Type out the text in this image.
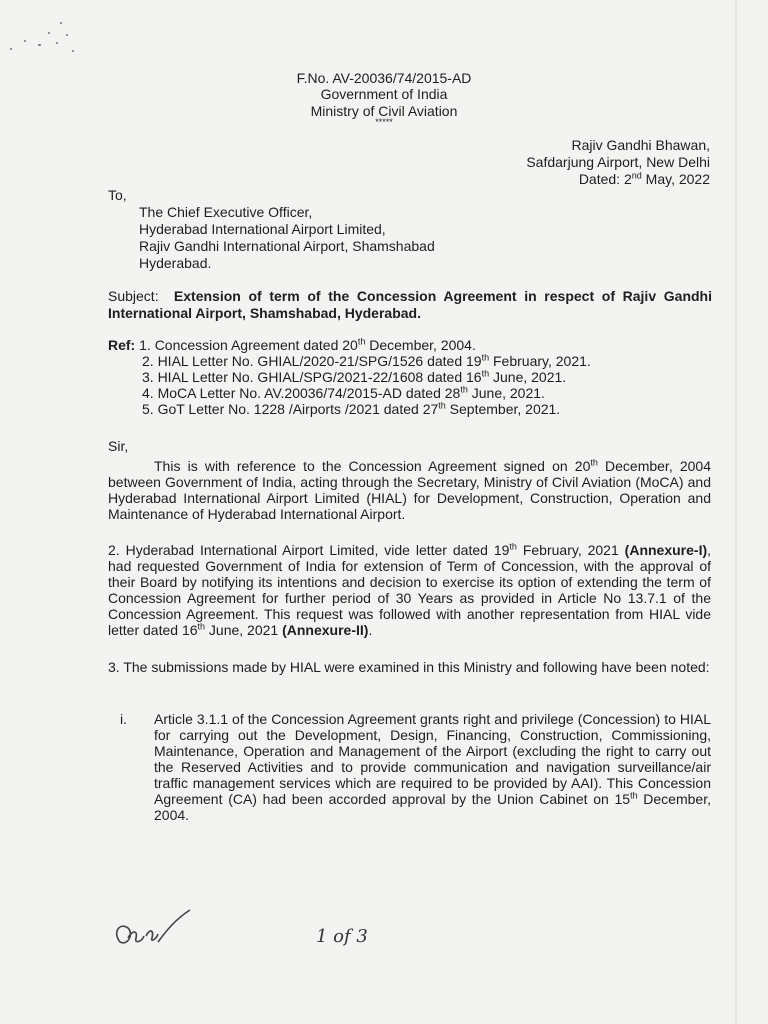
F.No. AV-20036/74/2015-AD
Government of India
Ministry of Civil Aviation
*****
Rajiv Gandhi Bhawan,
Safdarjung Airport, New Delhi
Dated: 2nd May, 2022
To,
The Chief Executive Officer,
Hyderabad International Airport Limited,
Rajiv Gandhi International Airport, Shamshabad
Hyderabad.
Subject: Extension of term of the Concession Agreement in respect of Rajiv Gandhi International Airport, Shamshabad, Hyderabad.
Ref: 1. Concession Agreement dated 20th December, 2004.
2. HIAL Letter No. GHIAL/2020-21/SPG/1526 dated 19th February, 2021.
3. HIAL Letter No. GHIAL/SPG/2021-22/1608 dated 16th June, 2021.
4. MoCA Letter No. AV.20036/74/2015-AD dated 28th June, 2021.
5. GoT Letter No. 1228 /Airports /2021 dated 27th September, 2021.
Sir,
This is with reference to the Concession Agreement signed on 20th December, 2004 between Government of India, acting through the Secretary, Ministry of Civil Aviation (MoCA) and Hyderabad International Airport Limited (HIAL) for Development, Construction, Operation and Maintenance of Hyderabad International Airport.
2. Hyderabad International Airport Limited, vide letter dated 19th February, 2021 (Annexure-I), had requested Government of India for extension of Term of Concession, with the approval of their Board by notifying its intentions and decision to exercise its option of extending the term of Concession Agreement for further period of 30 Years as provided in Article No 13.7.1 of the Concession Agreement. This request was followed with another representation from HIAL vide letter dated 16th June, 2021 (Annexure-II).
3. The submissions made by HIAL were examined in this Ministry and following have been noted:
i. Article 3.1.1 of the Concession Agreement grants right and privilege (Concession) to HIAL for carrying out the Development, Design, Financing, Construction, Commissioning, Maintenance, Operation and Management of the Airport (excluding the right to carry out the Reserved Activities and to provide communication and navigation surveillance/air traffic management services which are required to be provided by AAI). This Concession Agreement (CA) had been accorded approval by the Union Cabinet on 15th December, 2004.
1 of 3
